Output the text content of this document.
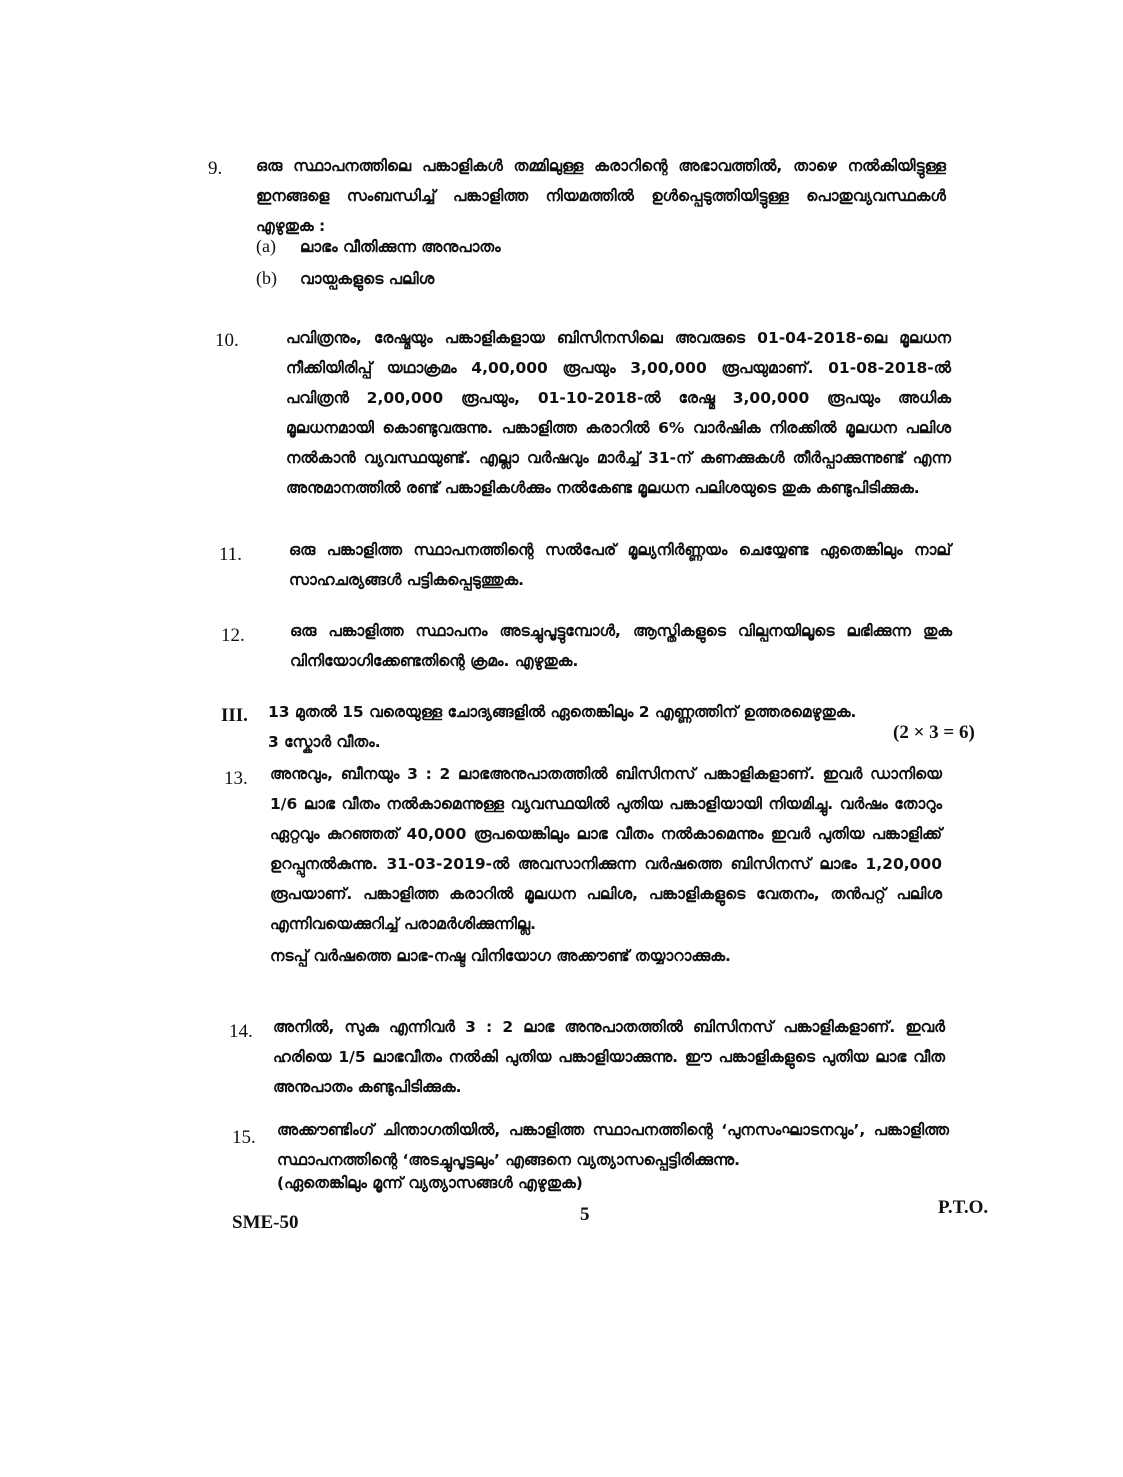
9. ഒരു സ്ഥാപനത്തിലെ പങ്കാളികൾ തമ്മിലുള്ള കരാറിന്റെ അഭാവത്തിൽ, താഴെ നൽകിയിട്ടുള്ള ഇനങ്ങളെ സംബന്ധിച്ച് പങ്കാളിത്ത നിയമത്തിൽ ഉൾപ്പെടുത്തിയിട്ടുള്ള പൊതുവ്യവസ്ഥകൾ എഴുതുക :
(a) ലാഭം വീതിക്കുന്ന അനുപാതം
(b) വായ്പകളുടെ പലിശ
10.	പവിത്രനും, രേഷ്മയും പങ്കാളികളായ ബിസിനസിലെ അവരുടെ 01-04-2018-ലെ മൂലധന നീക്കിയിരിപ്പ് യഥാക്രമം 4,00,000 രൂപയും 3,00,000 രൂപയുമാണ്. 01-08-2018-ൽ പവിത്രൻ 2,00,000 രൂപയും, 01-10-2018-ൽ രേഷ്മ 3,00,000 രൂപയും അധിക മൂലധനമായി കൊണ്ടുവരുന്നു. പങ്കാളിത്ത കരാറിൽ 6% വാർഷിക നിരക്കിൽ മൂലധന പലിശ നൽകാൻ വ്യവസ്ഥയുണ്ട്. എല്ലാ വർഷവും മാർച്ച് 31-ന് കണക്കുകൾ തീർപ്പാക്കുന്നുണ്ട് എന്ന അനുമാനത്തിൽ രണ്ട് പങ്കാളികൾക്കും നൽകേണ്ട മൂലധന പലിശയുടെ തുക കണ്ടുപിടിക്കുക.
11.	ഒരു പങ്കാളിത്ത സ്ഥാപനത്തിന്റെ സൽപേര് മൂല്യനിർണ്ണയം ചെയ്യേണ്ട ഏതെങ്കിലും നാല് സാഹചര്യങ്ങൾ പട്ടികപ്പെടുത്തുക.
12.	ഒരു പങ്കാളിത്ത സ്ഥാപനം അടച്ചുപൂട്ടുമ്പോൾ, ആസ്തികളുടെ വില്പനയിലൂടെ ലഭിക്കുന്ന തുക വിനിയോഗിക്കേണ്ടതിന്റെ ക്രമം. എഴുതുക.
III. 13 മുതൽ 15 വരെയുള്ള ചോദ്യങ്ങളിൽ ഏതെങ്കിലും 2 എണ്ണത്തിന് ഉത്തരമെഴുതുക.
3 സ്കോർ വീതം.	(2 × 3 = 6)
13. അനുവും, ബീനയും 3 : 2 ലാഭഅനുപാതത്തിൽ ബിസിനസ് പങ്കാളികളാണ്. ഇവർ ഡാനിയെ 1/6 ലാഭ വീതം നൽകാമെന്നുള്ള വ്യവസ്ഥയിൽ പുതിയ പങ്കാളിയായി നിയമിച്ചു. വർഷം തോറും ഏറ്റവും കുറഞ്ഞത് 40,000 രൂപയെങ്കിലും ലാഭ വീതം നൽകാമെന്നും ഇവർ പുതിയ പങ്കാളിക്ക് ഉറപ്പുനൽകുന്നു. 31-03-2019-ൽ അവസാനിക്കുന്ന വർഷത്തെ ബിസിനസ് ലാഭം 1,20,000 രൂപയാണ്. പങ്കാളിത്ത കരാറിൽ മൂലധന പലിശ, പങ്കാളികളുടെ വേതനം, തൻപറ്റ് പലിശ എന്നിവയെക്കുറിച്ച് പരാമർശിക്കുന്നില്ല.
നടപ്പ് വർഷത്തെ ലാഭ-നഷ്ട വിനിയോഗ അക്കൗണ്ട് തയ്യാറാക്കുക.
14. അനിൽ, സുകു എന്നിവർ 3 : 2 ലാഭ അനുപാതത്തിൽ ബിസിനസ് പങ്കാളികളാണ്. ഇവർ ഹരിയെ 1/5 ലാഭവീതം നൽകി പുതിയ പങ്കാളിയാക്കുന്നു. ഈ പങ്കാളികളുടെ പുതിയ ലാഭ വീത അനുപാതം കണ്ടുപിടിക്കുക.
15. അക്കൗണ്ടിംഗ് ചിന്താഗതിയിൽ, പങ്കാളിത്ത സ്ഥാപനത്തിന്റെ ‘പുനസംഘാടനവും’, പങ്കാളിത്ത സ്ഥാപനത്തിന്റെ ‘അടച്ചുപൂട്ടലും’ എങ്ങനെ വ്യത്യാസപ്പെട്ടിരിക്കുന്നു.
(ഏതെങ്കിലും മൂന്ന് വ്യത്യാസങ്ങൾ എഴുതുക)
SME-50	5	P.T.O.
